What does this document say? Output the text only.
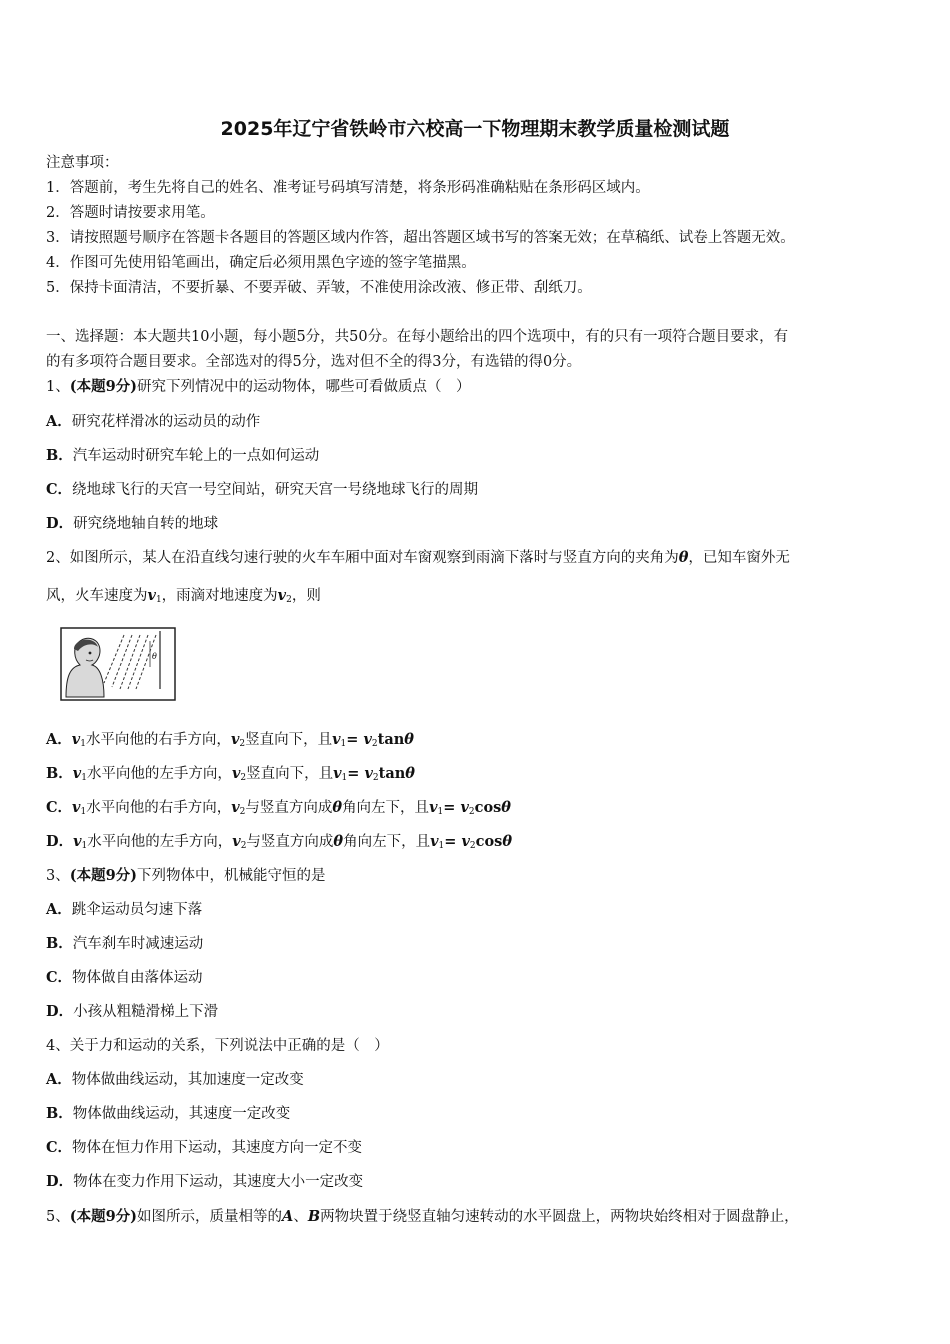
2025年辽宁省铁岭市六校高一下物理期末教学质量检测试题
注意事项：
1．答题前，考生先将自己的姓名、准考证号码填写清楚，将条形码准确粘贴在条形码区域内。
2．答题时请按要求用笔。
3．请按照题号顺序在答题卡各题目的答题区域内作答，超出答题区域书写的答案无效；在草稿纸、试卷上答题无效。
4．作图可先使用铅笔画出，确定后必须用黑色字迹的签字笔描黑。
5．保持卡面清洁，不要折暴、不要弄破、弄皱，不准使用涂改液、修正带、刮纸刀。
一、选择题：本大题共10小题，每小题5分，共50分。在每小题给出的四个选项中，有的只有一项符合题目要求，有
的有多项符合题目要求。全部选对的得5分，选对但不全的得3分，有选错的得0分。
1、(本题9分)研究下列情况中的运动物体，哪些可看做质点（　）
A．研究花样滑冰的运动员的动作
B．汽车运动时研究车轮上的一点如何运动
C．绕地球飞行的天宫一号空间站，研究天宫一号绕地球飞行的周期
D．研究绕地轴自转的地球
2、如图所示，某人在沿直线匀速行驶的火车车厢中面对车窗观察到雨滴下落时与竖直方向的夹角为θ，已知车窗外无
风，火车速度为$v_1$，雨滴对地速度为$v_2$，则
θ
A．$v_1$水平向他的右手方向，$v_2$竖直向下，且$v_1= v_2\tan\theta$
B．$v_1$水平向他的左手方向，$v_2$竖直向下，且$v_1= v_2\tan\theta$
C．$v_1$水平向他的右手方向，$v_2$与竖直方向成θ角向左下，且$v_1= v_2\cos\theta$
D．$v_1$水平向他的左手方向，$v_2$与竖直方向成θ角向左下，且$v_1= v_2\cos\theta$
3、(本题9分)下列物体中，机械能守恒的是
A．跳伞运动员匀速下落
B．汽车刹车时减速运动
C．物体做自由落体运动
D．小孩从粗糙滑梯上下滑
4、关于力和运动的关系，下列说法中正确的是（　）
A．物体做曲线运动，其加速度一定改变
B．物体做曲线运动，其速度一定改变
C．物体在恒力作用下运动，其速度方向一定不变
D．物体在变力作用下运动，其速度大小一定改变
5、(本题9分)如图所示，质量相等的A、B两物块置于绕竖直轴匀速转动的水平圆盘上，两物块始终相对于圆盘静止，
